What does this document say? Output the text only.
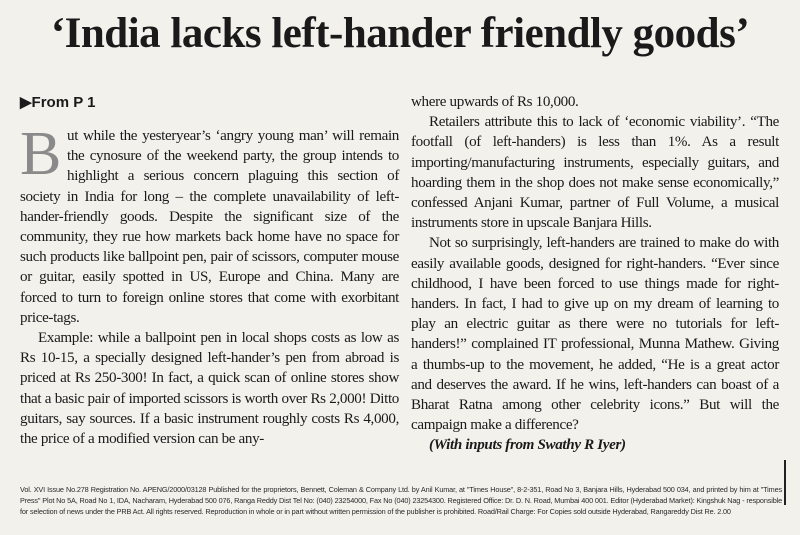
‘India lacks left-hander friendly goods’
▶From P 1

But while the yesteryear’s ‘angry young man’ will remain the cynosure of the weekend party, the group intends to highlight a serious concern plaguing this section of society in India for long – the complete unavailability of left-hander-friendly goods. Despite the significant size of the community, they rue how markets back home have no space for such products like ballpoint pen, pair of scissors, computer mouse or guitar, easily spotted in US, Europe and China. Many are forced to turn to foreign online stores that come with exorbitant price-tags.

Example: while a ballpoint pen in local shops costs as low as Rs 10-15, a specially designed left-hander’s pen from abroad is priced at Rs 250-300! In fact, a quick scan of online stores show that a basic pair of imported scissors is worth over Rs 2,000! Ditto guitars, say sources. If a basic instrument roughly costs Rs 4,000, the price of a modified version can be any-

where upwards of Rs 10,000.

Retailers attribute this to lack of ‘economic viability’. “The footfall (of left-handers) is less than 1%. As a result importing/manufacturing instruments, especially guitars, and hoarding them in the shop does not make sense economically,” confessed Anjani Kumar, partner of Full Volume, a musical instruments store in upscale Banjara Hills.

Not so surprisingly, left-handers are trained to make do with easily available goods, designed for right-handers. “Ever since childhood, I have been forced to use things made for right-handers. In fact, I had to give up on my dream of learning to play an electric guitar as there were no tutorials for left-handers!” complained IT professional, Munna Mathew. Giving a thumbs-up to the movement, he added, “He is a great actor and deserves the award. If he wins, left-handers can boast of a Bharat Ratna among other celebrity icons.” But will the campaign make a difference?

(With inputs from Swathy R Iyer)

Vol. XVI Issue No.278 Registration No. APENG/2000/03128 Published for the proprietors, Bennett, Coleman & Company Ltd. by Anil Kumar, at "Times House", 8-2-351, Road No 3, Banjara Hills, Hyderabad 500 034, and printed by him at "Times Press" Plot No 5A, Road No 1, IDA, Nacharam, Hyderabad 500 076, Ranga Reddy Dist Tel No: (040) 23254000, Fax No (040) 23254300. Registered Office: Dr. D. N. Road, Mumbai 400 001. Editor (Hyderabad Market): Kingshuk Nag - responsible for selection of news under the PRB Act. All rights reserved. Reproduction in whole or in part without written permission of the publisher is prohibited. Road/Rail Charge: For Copies sold outside Hyderabad, Rangareddy Dist Re. 2.00
